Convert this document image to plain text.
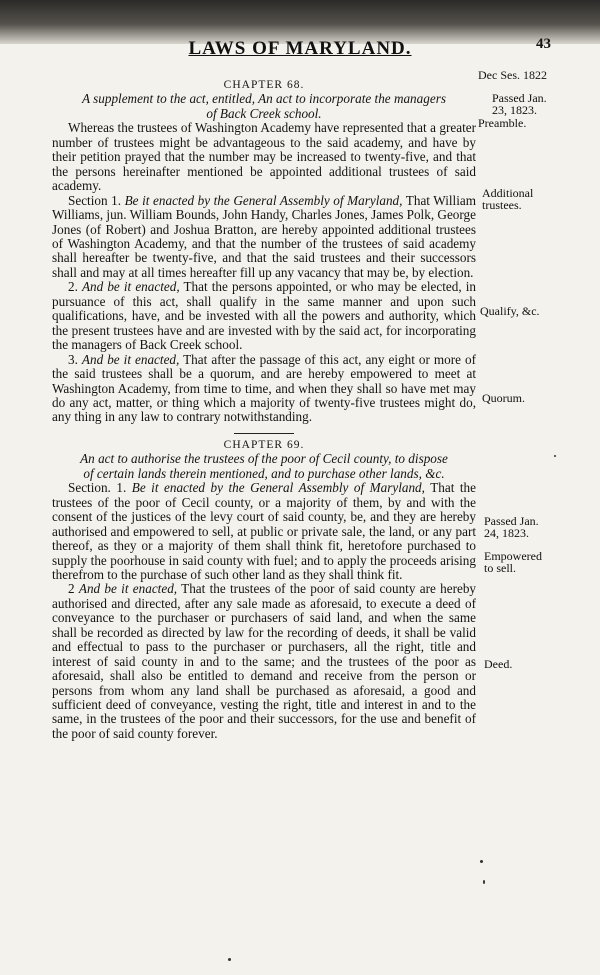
LAWS OF MARYLAND.	43
Dec Ses. 1822

CHAPTER 68.

A supplement to the act, entitled, An act to incorporate the managers

of Back Creek school.

Whereas the trustees of Washington Academy have represented that a greater number of trustees might be advantageous to the said academy, and have by their petition prayed that the number may be increased to twenty-five, and that the persons hereinafter mentioned be appointed additional trustees of said academy.

Section 1. Be it enacted by the General Assembly of Maryland, That William Williams, jun. William Bounds, John Handy, Charles Jones, James Polk, George Jones (of Robert) and Joshua Bratton, are hereby appointed additional trustees of Washington Academy, and that the number of the trustees of said academy shall hereafter be twenty-five, and that the said trustees and their successors shall and may at all times hereafter fill up any vacancy that may be, by election.

2. And be it enacted, That the persons appointed, or who may be elected, in pursuance of this act, shall qualify in the same manner and upon such qualifications, have, and be invested with all the powers and authority, which the present trustees have and are invested with by the said act, for incorporating the managers of Back Creek school.

3. And be it enacted, That after the passage of this act, any eight or more of the said trustees shall be a quorum, and are hereby empowered to meet at Washington Academy, from time to time, and when they shall so have met may do any act, matter, or thing which a majority of twenty-five trustees might do, any thing in any law to contrary notwithstanding.

CHAPTER 69.

An act to authorise the trustees of the poor of Cecil county, to dispose

of certain lands therein mentioned, and to purchase other lands, &c.

Section. 1. Be it enacted by the General Assembly of Maryland, That the trustees of the poor of Cecil county, or a majority of them, by and with the consent of the justices of the levy court of said county, be, and they are hereby authorised and empowered to sell, at public or private sale, the land, or any part thereof, as they or a majority of them shall think fit, heretofore purchased to supply the poorhouse in said county with fuel; and to apply the proceeds arising therefrom to the purchase of such other land as they shall think fit.

2 And be it enacted, That the trustees of the poor of said county are hereby authorised and directed, after any sale made as aforesaid, to execute a deed of conveyance to the purchaser or purchasers of said land, and when the same shall be recorded as directed by law for the recording of deeds, it shall be valid and effectual to pass to the purchaser or purchasers, all the right, title and interest of said county in and to the same; and the trustees of the poor as aforesaid, shall also be entitled to demand and receive from the person or persons from whom any land shall be purchased as aforesaid, a good and sufficient deed of conveyance, vesting the right, title and interest in and to the same, in the trustees of the poor and their successors, for the use and benefit of the poor of said county forever.

Passed Jan.
23, 1823.
Preamble.
Additional
trustees.
Qualify, &c.
Quorum.
Passed Jan.
24, 1823.
Empowered
to sell.
Deed.
